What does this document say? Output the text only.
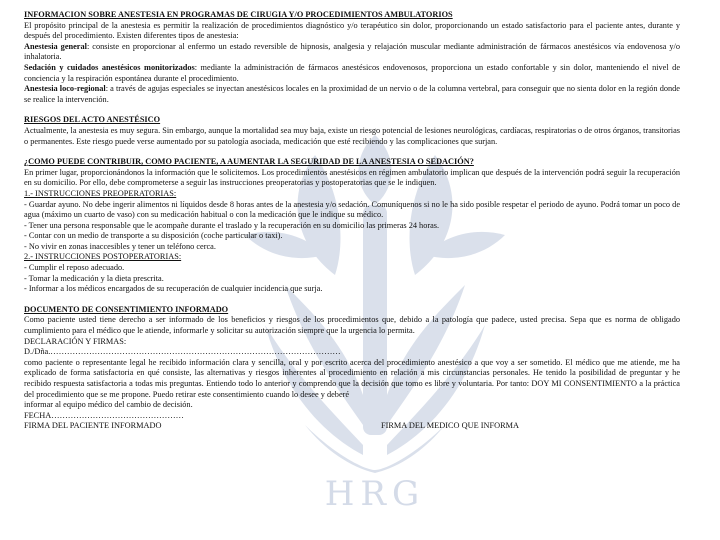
HRG

INFORMACION SOBRE ANESTESIA EN PROGRAMAS DE CIRUGIA Y/O PROCEDIMIENTOS AMBULATORIOS

El propósito principal de la anestesia es permitir la realización de procedimientos diagnóstico y/o terapéutico sin dolor, proporcionando un estado satisfactorio para el paciente antes, durante y después del procedimiento. Existen diferentes tipos de anestesia:

Anestesia general: consiste en proporcionar al enfermo un estado reversible de hipnosis, analgesia y relajación muscular mediante administración de fármacos anestésicos vía endovenosa y/o inhalatoria.

Sedación y cuidados anestésicos monitorizados: mediante la administración de fármacos anestésicos endovenosos, proporciona un estado confortable y sin dolor, manteniendo el nivel de conciencia y la respiración espontánea durante el procedimiento.

Anestesia loco-regional: a través de agujas especiales se inyectan anestésicos locales en la proximidad de un nervio o de la columna vertebral, para conseguir que no sienta dolor en la región donde se realice la intervención.

RIESGOS DEL ACTO ANESTÉSICO

Actualmente, la anestesia es muy segura. Sin embargo, aunque la mortalidad sea muy baja, existe un riesgo potencial de lesiones neurológicas, cardíacas, respiratorias o de otros órganos, transitorias o permanentes. Este riesgo puede verse aumentado por su patología asociada, medicación que esté recibiendo y las complicaciones que surjan.

¿COMO PUEDE CONTRIBUIR, COMO PACIENTE, A AUMENTAR LA SEGURIDAD DE LA ANESTESIA O SEDACIÓN?

En primer lugar, proporcionándonos la información que le solicitemos. Los procedimientos anestésicos en régimen ambulatorio implican que después de la intervención podrá seguir la recuperación en su domicilio. Por ello, debe comprometerse a seguir las instrucciones preoperatorias y postoperatorias que se le indiquen.

1.- INSTRUCCIONES PREOPERATORIAS:

- Guardar ayuno. No debe ingerir alimentos ni líquidos desde 8 horas antes de la anestesia y/o sedación. Comuníquenos si no le ha sido posible respetar el periodo de ayuno. Podrá tomar un poco de agua (máximo un cuarto de vaso) con su medicación habitual o con la medicación que le indique su médico.

- Tener una persona responsable que le acompañe durante el traslado y la recuperación en su domicilio las primeras 24 horas.

- Contar con un medio de transporte a su disposición (coche particular o taxi).

- No vivir en zonas inaccesibles y tener un teléfono cerca.

2.- INSTRUCCIONES POSTOPERATORIAS:

- Cumplir el reposo adecuado.

- Tomar la medicación y la dieta prescrita.

- Informar a los médicos encargados de su recuperación de cualquier incidencia que surja.

DOCUMENTO DE CONSENTIMIENTO INFORMADO

Como paciente usted tiene derecho a ser informado de los beneficios y riesgos de los procedimientos que, debido a la patología que padece, usted precisa. Sepa que es norma de obligado cumplimiento para el médico que le atiende, informarle y solicitar su autorización siempre que la urgencia lo permita.

DECLARACIÓN Y FIRMAS:

D./Dña.……………………………………………………………………………………………

como paciente o representante legal he recibido información clara y sencilla, oral y por escrito acerca del procedimiento anestésico a que voy a ser sometido. El médico que me atiende, me ha explicado de forma satisfactoria en qué consiste, las alternativas y riesgos inherentes al procedimiento en relación a mis circunstancias personales. He tenido la posibilidad de preguntar y he recibido respuesta satisfactoria a todas mis preguntas. Entiendo todo lo anterior y comprendo que la decisión que tomo es libre y voluntaria. Por tanto: DOY MI CONSENTIMIENTO a la práctica del procedimiento que se me propone. Puedo retirar este consentimiento cuando lo desee y deberé

informar al equipo médico del cambio de decisión.

FECHA…………………………………………

FIRMA DEL PACIENTE INFORMADO	FIRMA DEL MEDICO QUE INFORMA
